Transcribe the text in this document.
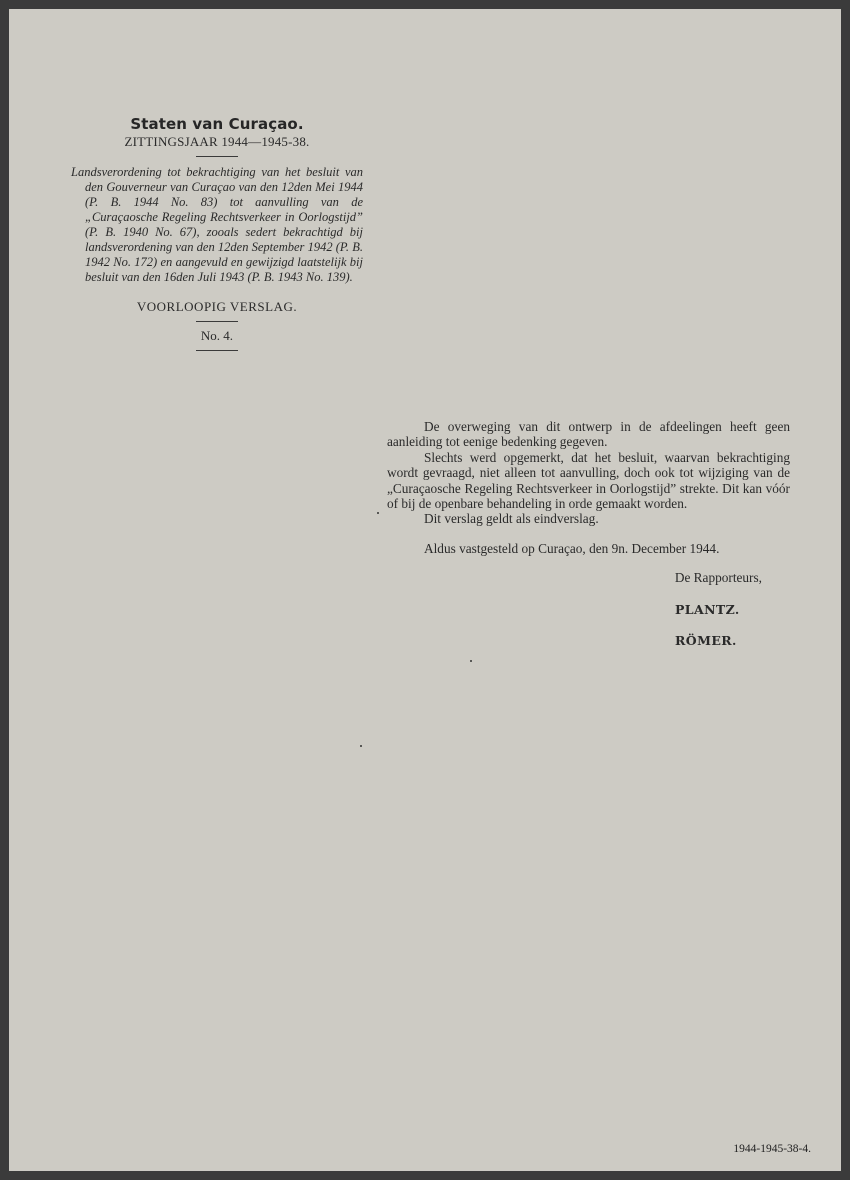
Staten van Curaçao.
ZITTINGSJAAR 1944—1945-38.

Landsverordening tot bekrachtiging van het besluit van den Gouverneur van Curaçao van den 12den Mei 1944 (P. B. 1944 No. 83) tot aanvulling van de „Curaçaosche Regeling Rechtsverkeer in Oorlogstijd” (P. B. 1940 No. 67), zooals sedert bekrachtigd bij landsverordening van den 12den September 1942 (P. B. 1942 No. 172) en aangevuld en gewijzigd laatstelijk bij besluit van den 16den Juli 1943 (P. B. 1943 No. 139).

VOORLOOPIG VERSLAG.
No. 4.

De overweging van dit ontwerp in de afdeelingen heeft geen aanleiding tot eenige bedenking gegeven.

Slechts werd opgemerkt, dat het besluit, waarvan bekrachtiging wordt gevraagd, niet alleen tot aanvulling, doch ook tot wijziging van de „Curaçaosche Regeling Rechtsverkeer in Oorlogstijd” strekte. Dit kan vóór of bij de openbare behandeling in orde gemaakt worden.

Dit verslag geldt als eindverslag.

Aldus vastgesteld op Curaçao, den 9n. December 1944.

De Rapporteurs,
PLANTZ.
RÖMER.
1944-1945-38-4.
